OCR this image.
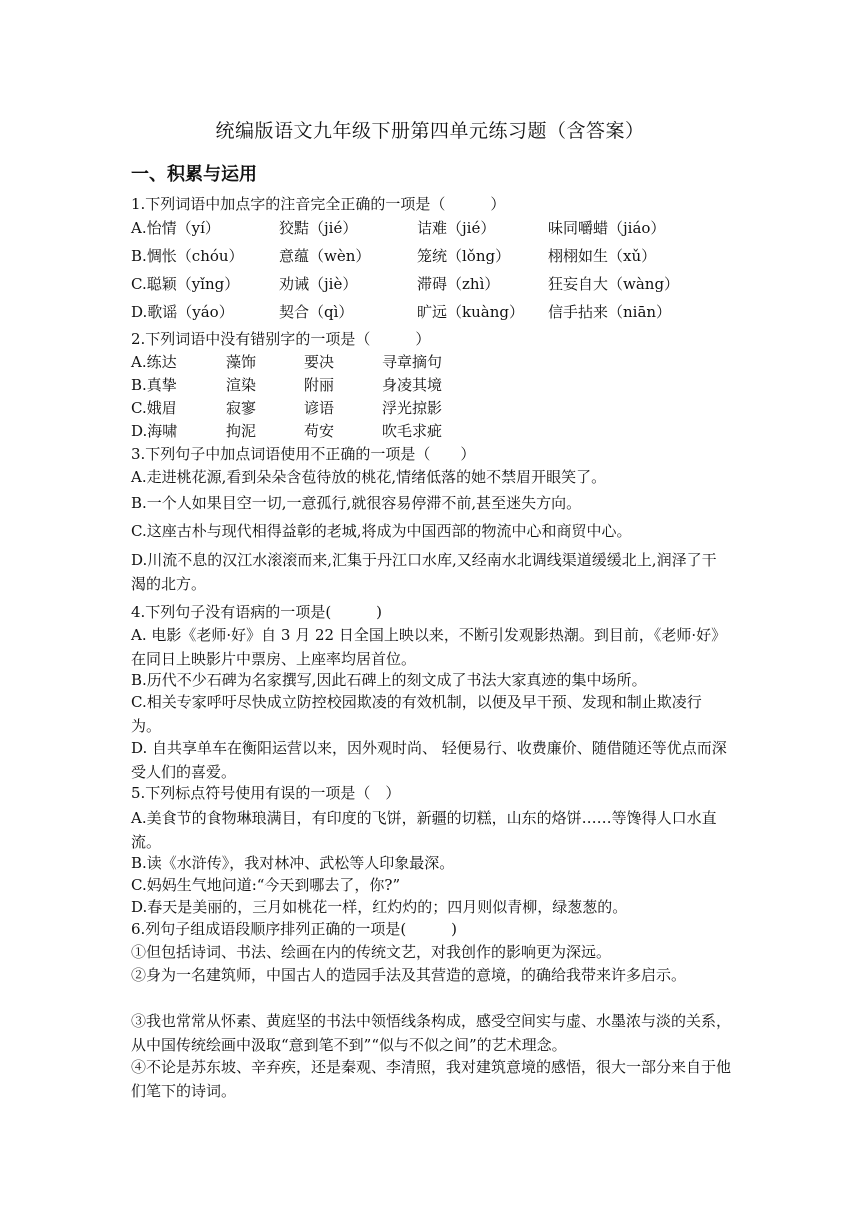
统编版语文九年级下册第四单元练习题（含答案）
一、积累与运用
1.下列词语中加点字的注音完全正确的一项是（　　　）
A.怡情（yí）	狡黠（jié）	诘难（jié）	味同嚼蜡（jiáo）
B.惆怅（chóu） 意蕴（wèn）	笼统（lǒng）	栩栩如生（xǔ）
C.聪颖（yǐng）	劝诫（jiè）	滞碍（zhì）	狂妄自大（wàng）
D.歌谣（yáo）	契合（qì）	旷远（kuàng） 信手拈来（niān）
2.下列词语中没有错别字的一项是（　　　）
A.练达	藻饰	要决	寻章摘句
B.真挚	渲染	附丽	身凌其境
C.娥眉	寂寥	谚语	浮光掠影
D.海啸	拘泥	苟安	吹毛求疵
3.下列句子中加点词语使用不正确的一项是（　　）
A.走进桃花源,看到朵朵含苞待放的桃花,情绪低落的她不禁眉开眼笑了。
B.一个人如果目空一切,一意孤行,就很容易停滞不前,甚至迷失方向。
C.这座古朴与现代相得益彰的老城,将成为中国西部的物流中心和商贸中心。
D.川流不息的汉江水滚滚而来,汇集于丹江口水库,又经南水北调线渠道缓缓北上,润泽了干渴的北方。
4.下列句子没有语病的一项是(　　　)
A. 电影《老师·好》自 3 月 22 日全国上映以来，不断引发观影热潮。到目前，《老师·好》在同日上映影片中票房、上座率均居首位。
B.历代不少石碑为名家撰写,因此石碑上的刻文成了书法大家真迹的集中场所。
C.相关专家呼吁尽快成立防控校园欺凌的有效机制，以便及早干预、发现和制止欺凌行为。
D. 自共享单车在衡阳运营以来，因外观时尚、 轻便易行、收费廉价、随借随还等优点而深受人们的喜爱。
5.下列标点符号使用有误的一项是（　）
A.美食节的食物琳琅满目，有印度的飞饼，新疆的切糕，山东的烙饼……等馋得人口水直流。
B.读《水浒传》，我对林冲、武松等人印象最深。
C.妈妈生气地问道:“今天到哪去了，你?”
D.春天是美丽的，三月如桃花一样，红灼灼的；四月则似青柳，绿葱葱的。
6.列句子组成语段顺序排列正确的一项是(　　　)
①但包括诗词、书法、绘画在内的传统文艺，对我创作的影响更为深远。
②身为一名建筑师，中国古人的造园手法及其营造的意境，的确给我带来许多启示。
③我也常常从怀素、黄庭坚的书法中领悟线条构成，感受空间实与虚、水墨浓与淡的关系，从中国传统绘画中汲取“意到笔不到”“似与不似之间”的艺术理念。
④不论是苏东坡、辛弃疾，还是秦观、李清照，我对建筑意境的感悟，很大一部分来自于他们笔下的诗词。
